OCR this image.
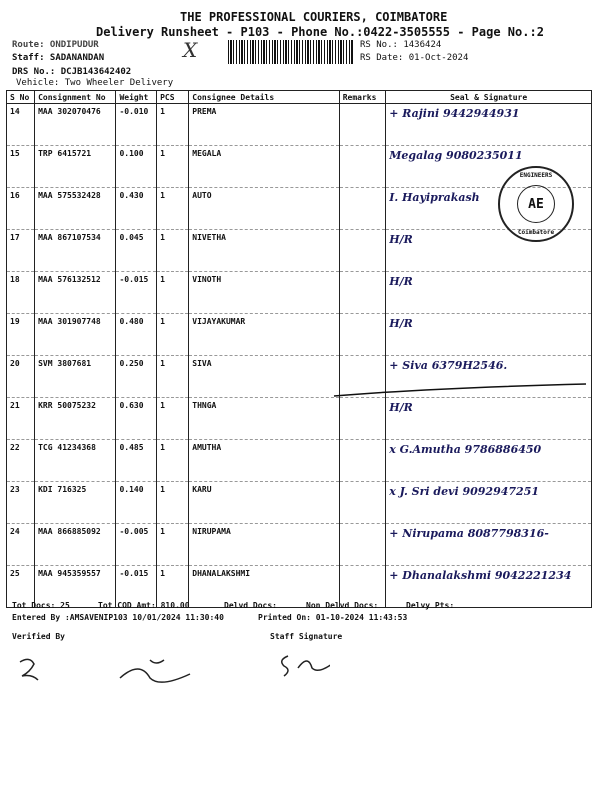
THE PROFESSIONAL COURIERS, COIMBATORE
Delivery Runsheet - P103 - Phone No.:0422-3505555 - Page No.:2
Route: ONDIPUDUR
Staff: SADANANDAN
DRS No.: DCJB143642402
Vehicle: Two Wheeler Delivery
X	RS No.: 1436424
RS Date: 01-Oct-2024
S No	Consignment No	Weight	PCS	Consignee Details	Remarks	Seal & Signature
14	MAA 302070476	-0.010	1	PREMA		+ Rajini 9442944931
15	TRP 6415721	0.100	1	MEGALA		Megalag 9080235011
16	MAA 575532428	0.430	1	AUTO		I. Hayiprakash
17	MAA 867107534	0.045	1	NIVETHA		H/R
18	MAA 576132512	-0.015	1	VINOTH		H/R
19	MAA 301907748	0.480	1	VIJAYAKUMAR		H/R
20	SVM 3807681	0.250	1	SIVA		+ Siva 6379H2546.
21	KRR 50075232	0.630	1	THNGA		H/R
22	TCG 41234368	0.485	1	AMUTHA		x G.Amutha 9786886450
23	KDI 716325	0.140	1	KARU		x J. Sri devi 9092947251
24	MAA 866885092	-0.005	1	NIRUPAMA		+ Nirupama 8087798316-
25	MAA 945359557	-0.015	1	DHANALAKSHMI		+ Dhanalakshmi 9042221234
ENGINEERS
AE
Coimbatore
Tot Docs: 25	Tot COD Amt: 810.00	Delvd Docs:	Non Delvd Docs:	Delvy Pts:
Entered By :AMSAVENIP103 10/01/2024 11:30:40	Printed On: 01-10-2024 11:43:53
Verified By	Staff Signature
